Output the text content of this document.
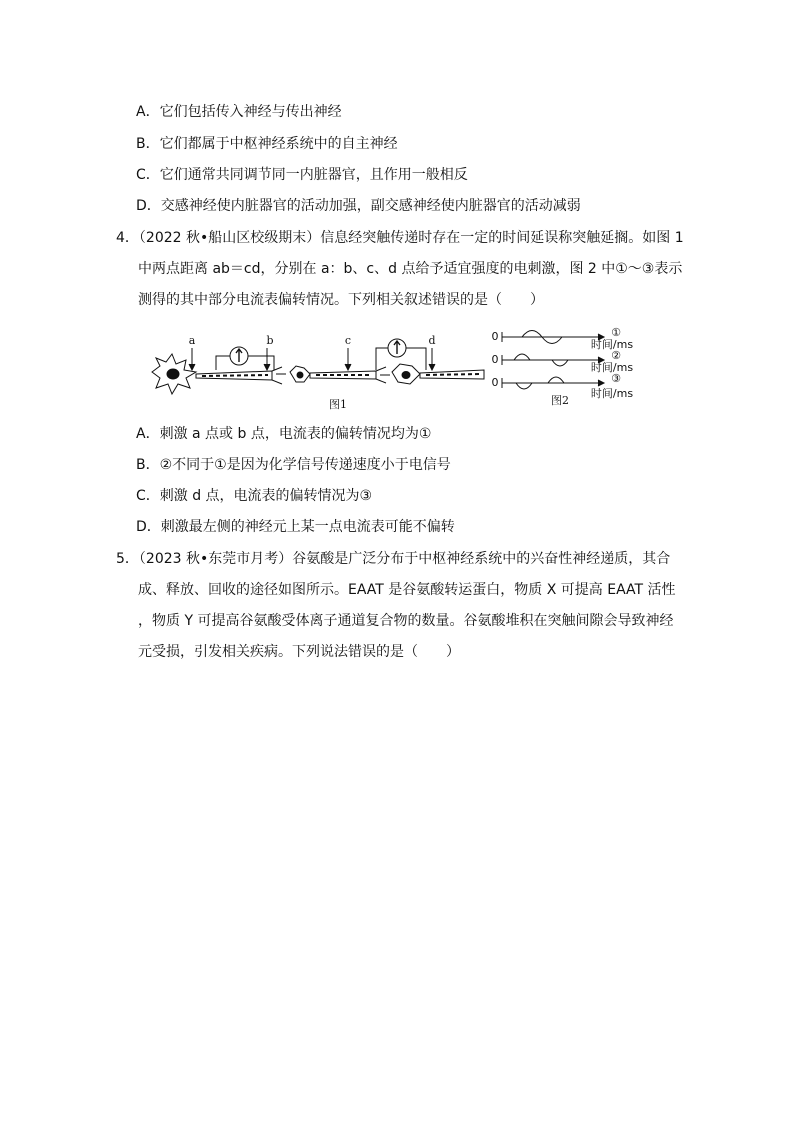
A．它们包括传入神经与传出神经
B．它们都属于中枢神经系统中的自主神经
C．它们通常共同调节同一内脏器官，且作用一般相反
D．交感神经使内脏器官的活动加强，副交感神经使内脏器官的活动减弱
4．（2022 秋•船山区校级期末）信息经突触传递时存在一定的时间延误称突触延搁。如图 1
中两点距离 ab＝cd，分别在 a：b、c、d 点给予适宜强度的电刺激，图 2 中①～③表示
测得的其中部分电流表偏转情况。下列相关叙述错误的是（　　）
a	b	c	d
图1
0
0
0
①
②
③
时间/ms
时间/ms
时间/ms
图2
A．刺激 a 点或 b 点，电流表的偏转情况均为①
B．②不同于①是因为化学信号传递速度小于电信号
C．刺激 d 点，电流表的偏转情况为③
D．刺激最左侧的神经元上某一点电流表可能不偏转
5．（2023 秋•东莞市月考）谷氨酸是广泛分布于中枢神经系统中的兴奋性神经递质，其合
成、释放、回收的途径如图所示。EAAT 是谷氨酸转运蛋白，物质 X 可提高 EAAT 活性
，物质 Y 可提高谷氨酸受体离子通道复合物的数量。谷氨酸堆积在突触间隙会导致神经
元受损，引发相关疾病。下列说法错误的是（　　）
